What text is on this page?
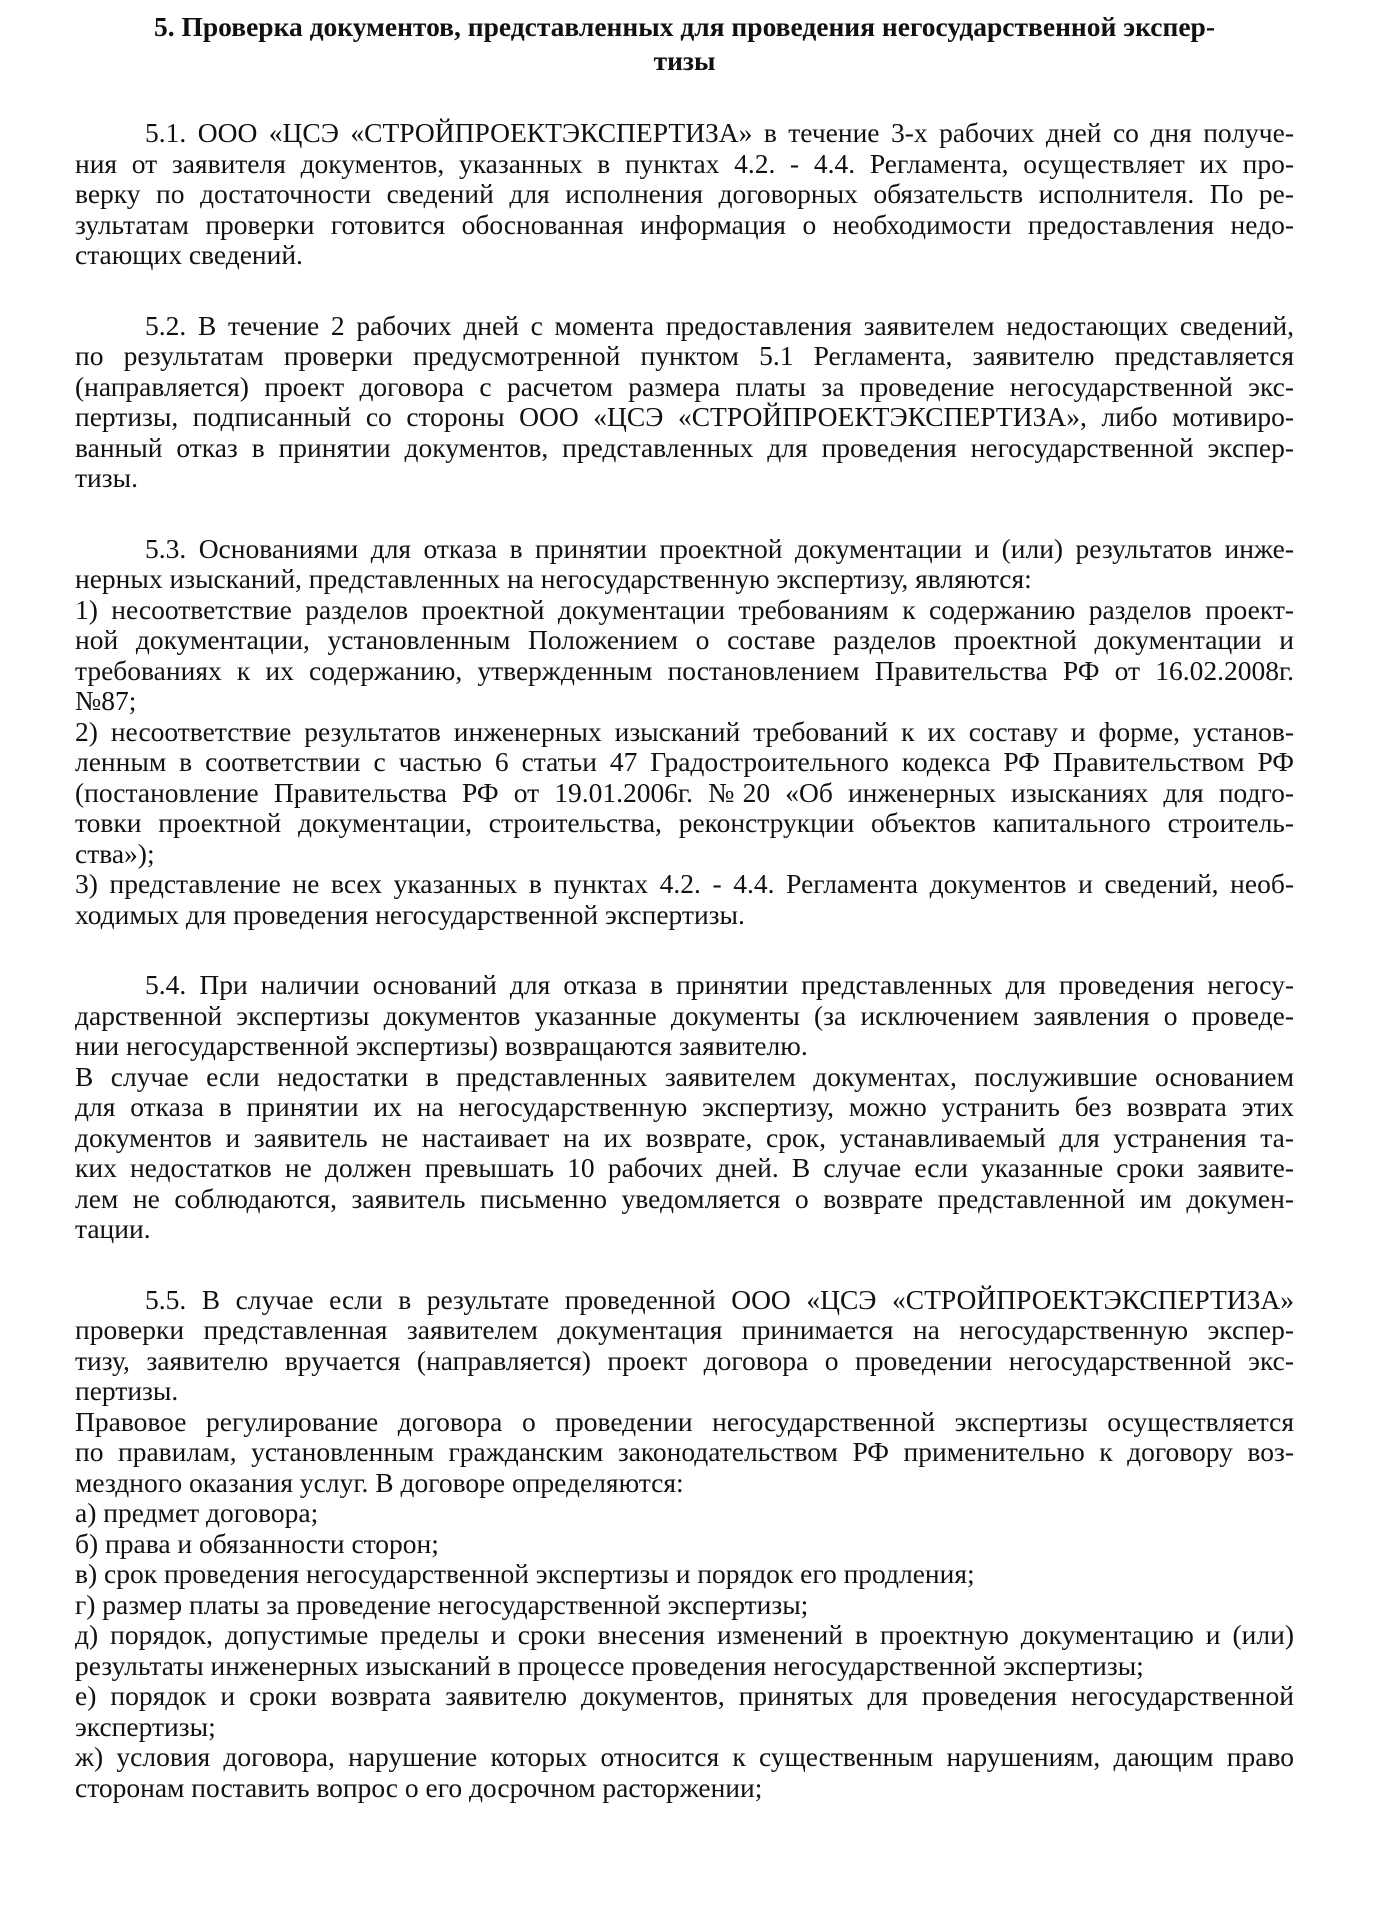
5. Проверка документов, представленных для проведения негосударственной экспер-
тизы
5.1. ООО «ЦСЭ «СТРОЙПРОЕКТЭКСПЕРТИЗА» в течение 3-х рабочих дней со дня получе-
ния от заявителя документов, указанных в пунктах 4.2. - 4.4. Регламента, осуществляет их про-
верку по достаточности сведений для исполнения договорных обязательств исполнителя. По ре-
зультатам проверки готовится обоснованная информация о необходимости предоставления недо-
стающих сведений.
5.2. В течение 2 рабочих дней с момента предоставления заявителем недостающих сведений,
по результатам проверки предусмотренной пунктом 5.1 Регламента, заявителю представляется
(направляется) проект договора с расчетом размера платы за проведение негосударственной экс-
пертизы, подписанный со стороны ООО «ЦСЭ «СТРОЙПРОЕКТЭКСПЕРТИЗА», либо мотивиро-
ванный отказ в принятии документов, представленных для проведения негосударственной экспер-
тизы.
5.3. Основаниями для отказа в принятии проектной документации и (или) результатов инже-
нерных изысканий, представленных на негосударственную экспертизу, являются:
1) несоответствие разделов проектной документации требованиям к содержанию разделов проект-
ной документации, установленным Положением о составе разделов проектной документации и
требованиях к их содержанию, утвержденным постановлением Правительства РФ от 16.02.2008г.
№87;
2) несоответствие результатов инженерных изысканий требований к их составу и форме, установ-
ленным в соответствии с частью 6 статьи 47 Градостроительного кодекса РФ Правительством РФ
(постановление Правительства РФ от 19.01.2006г. №20 «Об инженерных изысканиях для подго-
товки проектной документации, строительства, реконструкции объектов капитального строитель-
ства»);
3) представление не всех указанных в пунктах 4.2. - 4.4. Регламента документов и сведений, необ-
ходимых для проведения негосударственной экспертизы.
5.4. При наличии оснований для отказа в принятии представленных для проведения негосу-
дарственной экспертизы документов указанные документы (за исключением заявления о проведе-
нии негосударственной экспертизы) возвращаются заявителю.
В случае если недостатки в представленных заявителем документах, послужившие основанием
для отказа в принятии их на негосударственную экспертизу, можно устранить без возврата этих
документов и заявитель не настаивает на их возврате, срок, устанавливаемый для устранения та-
ких недостатков не должен превышать 10 рабочих дней. В случае если указанные сроки заявите-
лем не соблюдаются, заявитель письменно уведомляется о возврате представленной им докумен-
тации.
5.5. В случае если в результате проведенной ООО «ЦСЭ «СТРОЙПРОЕКТЭКСПЕРТИЗА»
проверки представленная заявителем документация принимается на негосударственную экспер-
тизу, заявителю вручается (направляется) проект договора о проведении негосударственной экс-
пертизы.
Правовое регулирование договора о проведении негосударственной экспертизы осуществляется
по правилам, установленным гражданским законодательством РФ применительно к договору воз-
мездного оказания услуг. В договоре определяются:
а) предмет договора;
б) права и обязанности сторон;
в) срок проведения негосударственной экспертизы и порядок его продления;
г) размер платы за проведение негосударственной экспертизы;
д) порядок, допустимые пределы и сроки внесения изменений в проектную документацию и (или)
результаты инженерных изысканий в процессе проведения негосударственной экспертизы;
е) порядок и сроки возврата заявителю документов, принятых для проведения негосударственной
экспертизы;
ж) условия договора, нарушение которых относится к существенным нарушениям, дающим право
сторонам поставить вопрос о его досрочном расторжении;
